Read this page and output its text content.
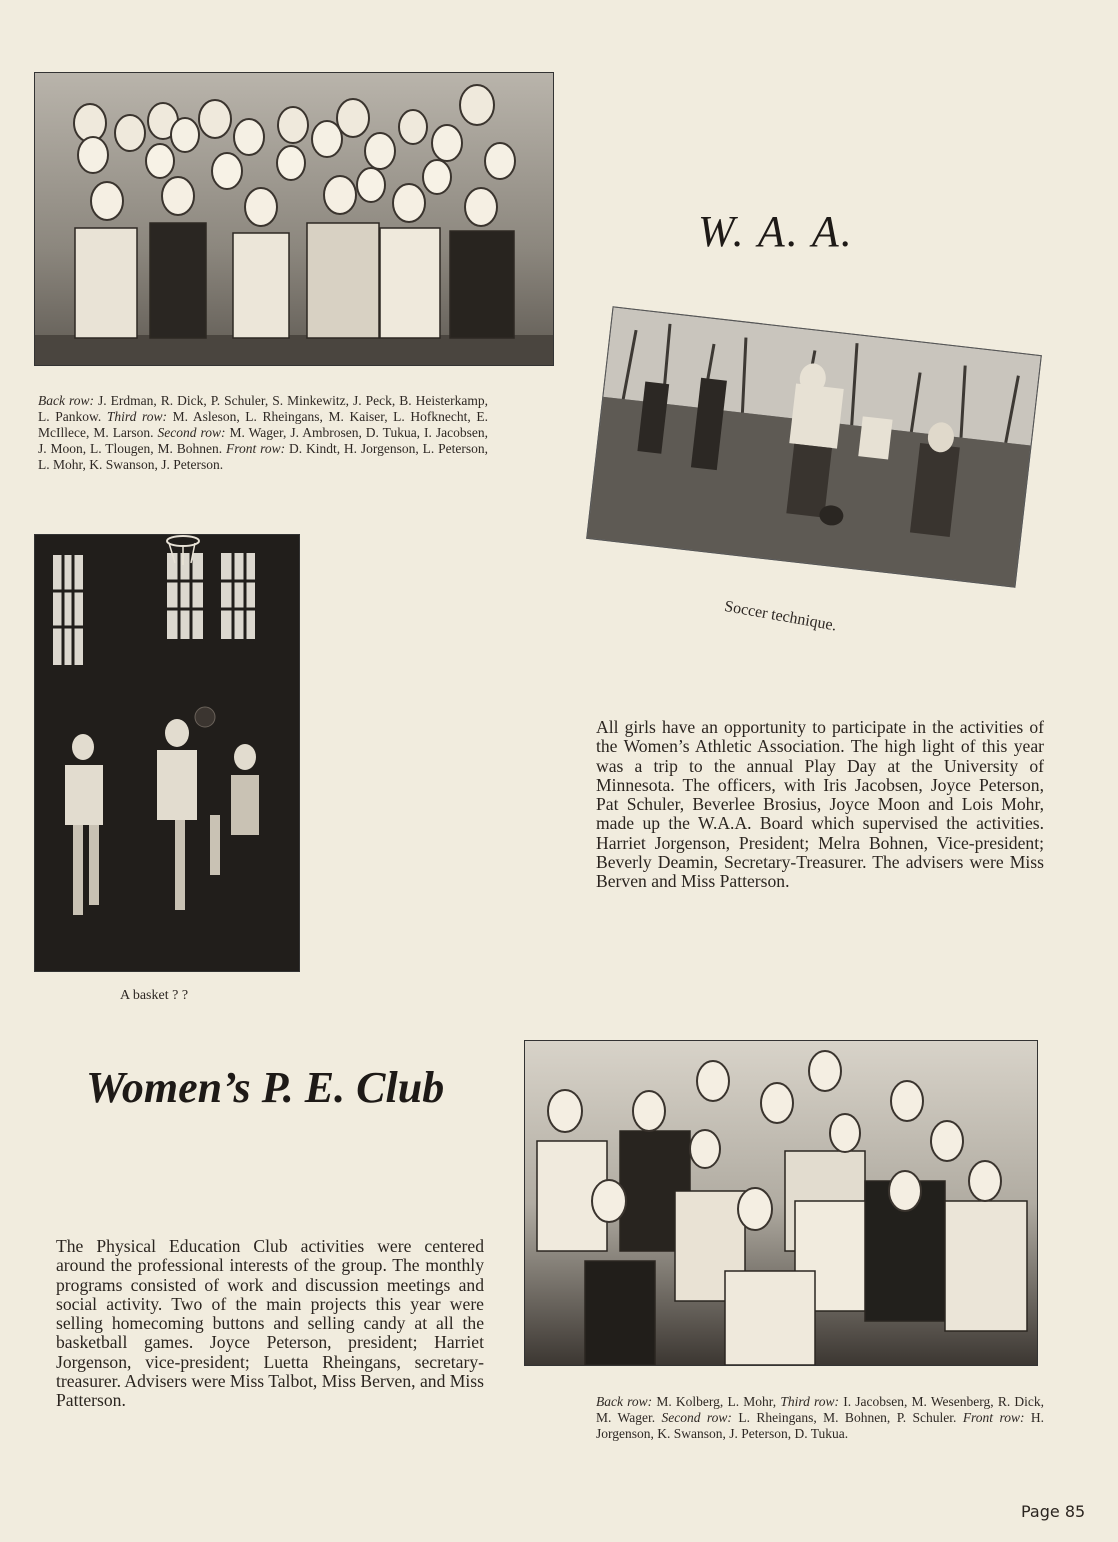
Back row: J. Erdman, R. Dick, P. Schuler, S. Minkewitz, J. Peck, B. Heisterkamp, L. Pankow. Third row: M. Asleson, L. Rheingans, M. Kaiser, L. Hofknecht, E. McIllece, M. Larson. Second row: M. Wager, J. Ambrosen, D. Tukua, I. Jacobsen, J. Moon, L. Tlougen, M. Bohnen. Front row: D. Kindt, H. Jorgenson, L. Peterson, L. Mohr, K. Swanson, J. Peterson.
W. A. A.
Soccer technique.
A basket ? ?
All girls have an opportunity to participate in the activities of the Women’s Athletic Association. The high light of this year was a trip to the annual Play Day at the University of Minnesota. The officers, with Iris Jacobsen, Joyce Peterson, Pat Schuler, Beverlee Brosius, Joyce Moon and Lois Mohr, made up the W.A.A. Board which supervised the activities. Harriet Jorgenson, President; Melra Bohnen, Vice-president; Beverly Deamin, Secretary-Treasurer. The advisers were Miss Berven and Miss Patterson.
Women’s P. E. Club
The Physical Education Club activities were centered around the professional interests of the group. The monthly programs consisted of work and discussion meetings and social activity. Two of the main projects this year were selling homecoming buttons and selling candy at all the basketball games. Joyce Peterson, president; Harriet Jorgenson, vice-president; Luetta Rheingans, secretary-treasurer. Advisers were Miss Talbot, Miss Berven, and Miss Patterson.	Back row: M. Kolberg, L. Mohr, Third row: I. Jacobsen, M. Wesenberg, R. Dick, M. Wager. Second row: L. Rheingans, M. Bohnen, P. Schuler. Front row: H. Jorgenson, K. Swanson, J. Peterson, D. Tukua.
Page 85
